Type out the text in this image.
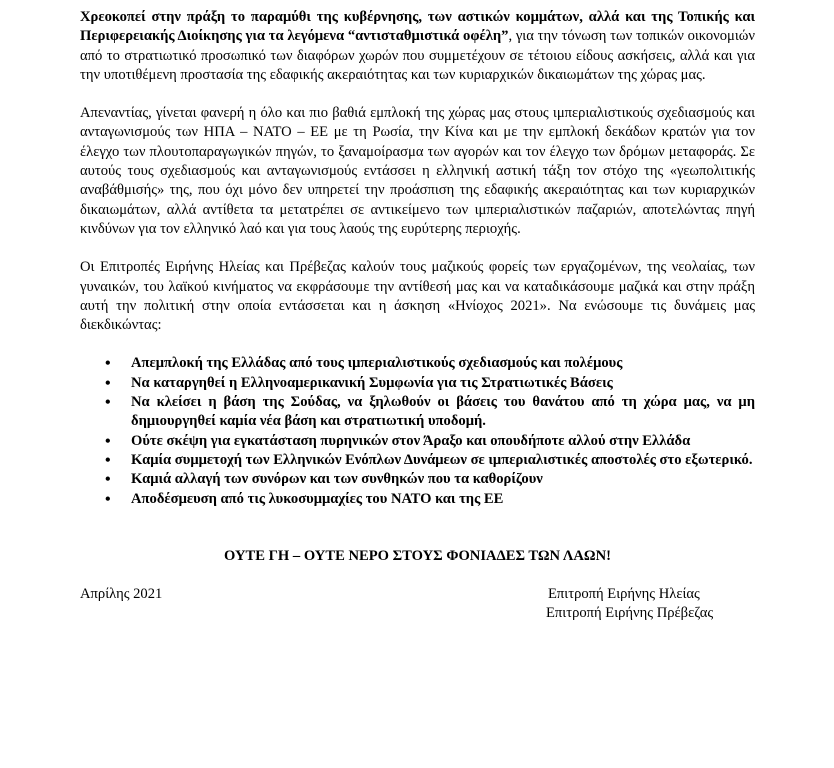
Χρεοκοπεί στην πράξη το παραμύθι της κυβέρνησης, των αστικών κομμάτων, αλλά και της Τοπικής και Περιφερειακής Διοίκησης για τα λεγόμενα “αντισταθμιστικά οφέλη”, για την τόνωση των τοπικών οικονομιών από το στρατιωτικό προσωπικό των διαφόρων χωρών που συμμετέχουν σε τέτοιου είδους ασκήσεις, αλλά και για την υποτιθέμενη προστασία της εδαφικής ακεραιότητας και των κυριαρχικών δικαιωμάτων της χώρας μας.

Απεναντίας, γίνεται φανερή η όλο και πιο βαθιά εμπλοκή της χώρας μας στους ιμπεριαλιστικούς σχεδιασμούς και ανταγωνισμούς των ΗΠΑ – ΝΑΤΟ – ΕΕ με τη Ρωσία, την Κίνα και με την εμπλοκή δεκάδων κρατών για τον έλεγχο των πλουτοπαραγωγικών πηγών, το ξαναμοίρασμα των αγορών και τον έλεγχο των δρόμων μεταφοράς. Σε αυτούς τους σχεδιασμούς και ανταγωνισμούς εντάσσει η ελληνική αστική τάξη τον στόχο της «γεωπολιτικής αναβάθμισής» της, που όχι μόνο δεν υπηρετεί την προάσπιση της εδαφικής ακεραιότητας και των κυριαρχικών δικαιωμάτων, αλλά αντίθετα τα μετατρέπει σε αντικείμενο των ιμπεριαλιστικών παζαριών, αποτελώντας πηγή κινδύνων για τον ελληνικό λαό και για τους λαούς της ευρύτερης περιοχής.

Οι Επιτροπές Ειρήνης Ηλείας και Πρέβεζας καλούν τους μαζικούς φορείς των εργαζομένων, της νεολαίας, των γυναικών, του λαϊκού κινήματος να εκφράσουμε την αντίθεσή μας και να καταδικάσουμε μαζικά και στην πράξη αυτή την πολιτική στην οποία εντάσσεται και η άσκηση «Ηνίοχος 2021». Να ενώσουμε τις δυνάμεις μας διεκδικώντας:

• Απεμπλοκή της Ελλάδας από τους ιμπεριαλιστικούς σχεδιασμούς και πολέμους
• Να καταργηθεί η Ελληνοαμερικανική Συμφωνία για τις Στρατιωτικές Βάσεις
• Να κλείσει η βάση της Σούδας, να ξηλωθούν οι βάσεις του θανάτου από τη χώρα μας, να μη δημιουργηθεί καμία νέα βάση και στρατιωτική υποδομή.
• Ούτε σκέψη για εγκατάσταση πυρηνικών στον Άραξο και οπουδήποτε αλλού στην Ελλάδα
• Καμία συμμετοχή των Ελληνικών Ενόπλων Δυνάμεων σε ιμπεριαλιστικές αποστολές στο εξωτερικό.
• Καμιά αλλαγή των συνόρων και των συνθηκών που τα καθορίζουν
• Αποδέσμευση από τις λυκοσυμμαχίες του ΝΑΤΟ και της ΕΕ
ΟΥΤΕ ΓΗ – ΟΥΤΕ ΝΕΡΟ ΣΤΟΥΣ ΦΟΝΙΑΔΕΣ ΤΩΝ ΛΑΩΝ!
Απρίλης 2021	Επιτροπή Ειρήνης Ηλείας
Επιτροπή Ειρήνης Πρέβεζας
